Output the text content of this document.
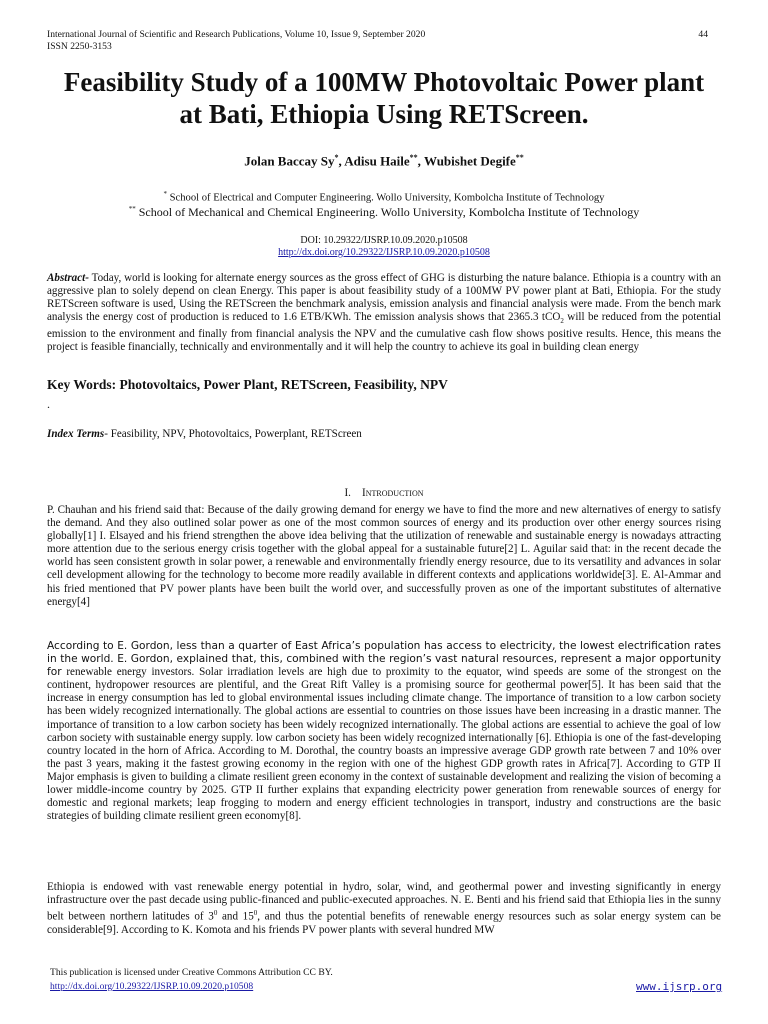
International Journal of Scientific and Research Publications, Volume 10, Issue 9, September 2020
ISSN 2250-3153
44
Feasibility Study of a 100MW Photovoltaic Power plant
at Bati, Ethiopia Using RETScreen.
Jolan Baccay Sy*, Adisu Haile**, Wubishet Degife**
* School of Electrical and Computer Engineering. Wollo University, Kombolcha Institute of Technology
** School of Mechanical and Chemical Engineering. Wollo University, Kombolcha Institute of Technology
DOI: 10.29322/IJSRP.10.09.2020.p10508
http://dx.doi.org/10.29322/IJSRP.10.09.2020.p10508
Abstract- Today, world is looking for alternate energy sources as the gross effect of GHG is disturbing the nature balance. Ethiopia is a country with an aggressive plan to solely depend on clean Energy. This paper is about feasibility study of a 100MW PV power plant at Bati, Ethiopia. For the study RETScreen software is used, Using the RETScreen the benchmark analysis, emission analysis and financial analysis were made. From the bench mark analysis the energy cost of production is reduced to 1.6 ETB/KWh. The emission analysis shows that 2365.3 tCO$_2$ will be reduced from the potential emission to the environment and finally from financial analysis the NPV and the cumulative cash flow shows positive results. Hence, this means the project is feasible financially, technically and environmentally and it will help the country to achieve its goal in building clean energy
Key Words: Photovoltaics, Power Plant, RETScreen, Feasibility, NPV
.
Index Terms- Feasibility, NPV, Photovoltaics, Powerplant, RETScreen
I. Introduction
P. Chauhan and his friend said that: Because of the daily growing demand for energy we have to find the more and new alternatives of energy to satisfy the demand. And they also outlined solar power as one of the most common sources of energy and its production over other energy sources rising globally[1] I. Elsayed and his friend strengthen the above idea beliving that the utilization of renewable and sustainable energy is nowadays attracting more attention due to the serious energy crisis together with the global appeal for a sustainable future[2] L. Aguilar said that: in the recent decade the world has seen consistent growth in solar power, a renewable and environmentally friendly energy resource, due to its versatility and advances in solar cell development allowing for the technology to become more readily available in different contexts and applications worldwide[3]. E. Al-Ammar and his fried mentioned that PV power plants have been built the world over, and successfully proven as one of the important substitutes of alternative energy[4]
According to E. Gordon, less than a quarter of East Africa’s population has access to electricity, the lowest electrification rates in the world. E. Gordon, explained that, this, combined with the region’s vast natural resources, represent a major opportunity for renewable energy investors. Solar irradiation levels are high due to proximity to the equator, wind speeds are some of the strongest on the continent, hydropower resources are plentiful, and the Great Rift Valley is a promising source for geothermal power[5]. It has been said that the increase in energy consumption has led to global environmental issues including climate change. The importance of transition to a low carbon society has been widely recognized internationally. The global actions are essential to countries on those issues have been increasing in a drastic manner. The importance of transition to a low carbon society has been widely recognized internationally. The global actions are essential to achieve the goal of low carbon society with sustainable energy supply. low carbon society has been widely recognized internationally [6]. Ethiopia is one of the fast-developing country located in the horn of Africa. According to M. Dorothal, the country boasts an impressive average GDP growth rate between 7 and 10% over the past 3 years, making it the fastest growing economy in the region with one of the highest GDP growth rates in Africa[7]. According to GTP II Major emphasis is given to building a climate resilient green economy in the context of sustainable development and realizing the vision of becoming a lower middle-income country by 2025. GTP II further explains that expanding electricity power generation from renewable sources of energy for domestic and regional markets; leap frogging to modern and energy efficient technologies in transport, industry and constructions are the basic strategies of building climate resilient green economy[8].
Ethiopia is endowed with vast renewable energy potential in hydro, solar, wind, and geothermal power and investing significantly in energy infrastructure over the past decade using public-financed and public-executed approaches. N. E. Benti and his friend said that Ethiopia lies in the sunny belt between northern latitudes of $3^0$ and $15^0$, and thus the potential benefits of renewable energy resources such as solar energy system can be considerable[9]. According to K. Komota and his friends PV power plants with several hundred MW
This publication is licensed under Creative Commons Attribution CC BY.
http://dx.doi.org/10.29322/IJSRP.10.09.2020.p10508	www.ijsrp.org
